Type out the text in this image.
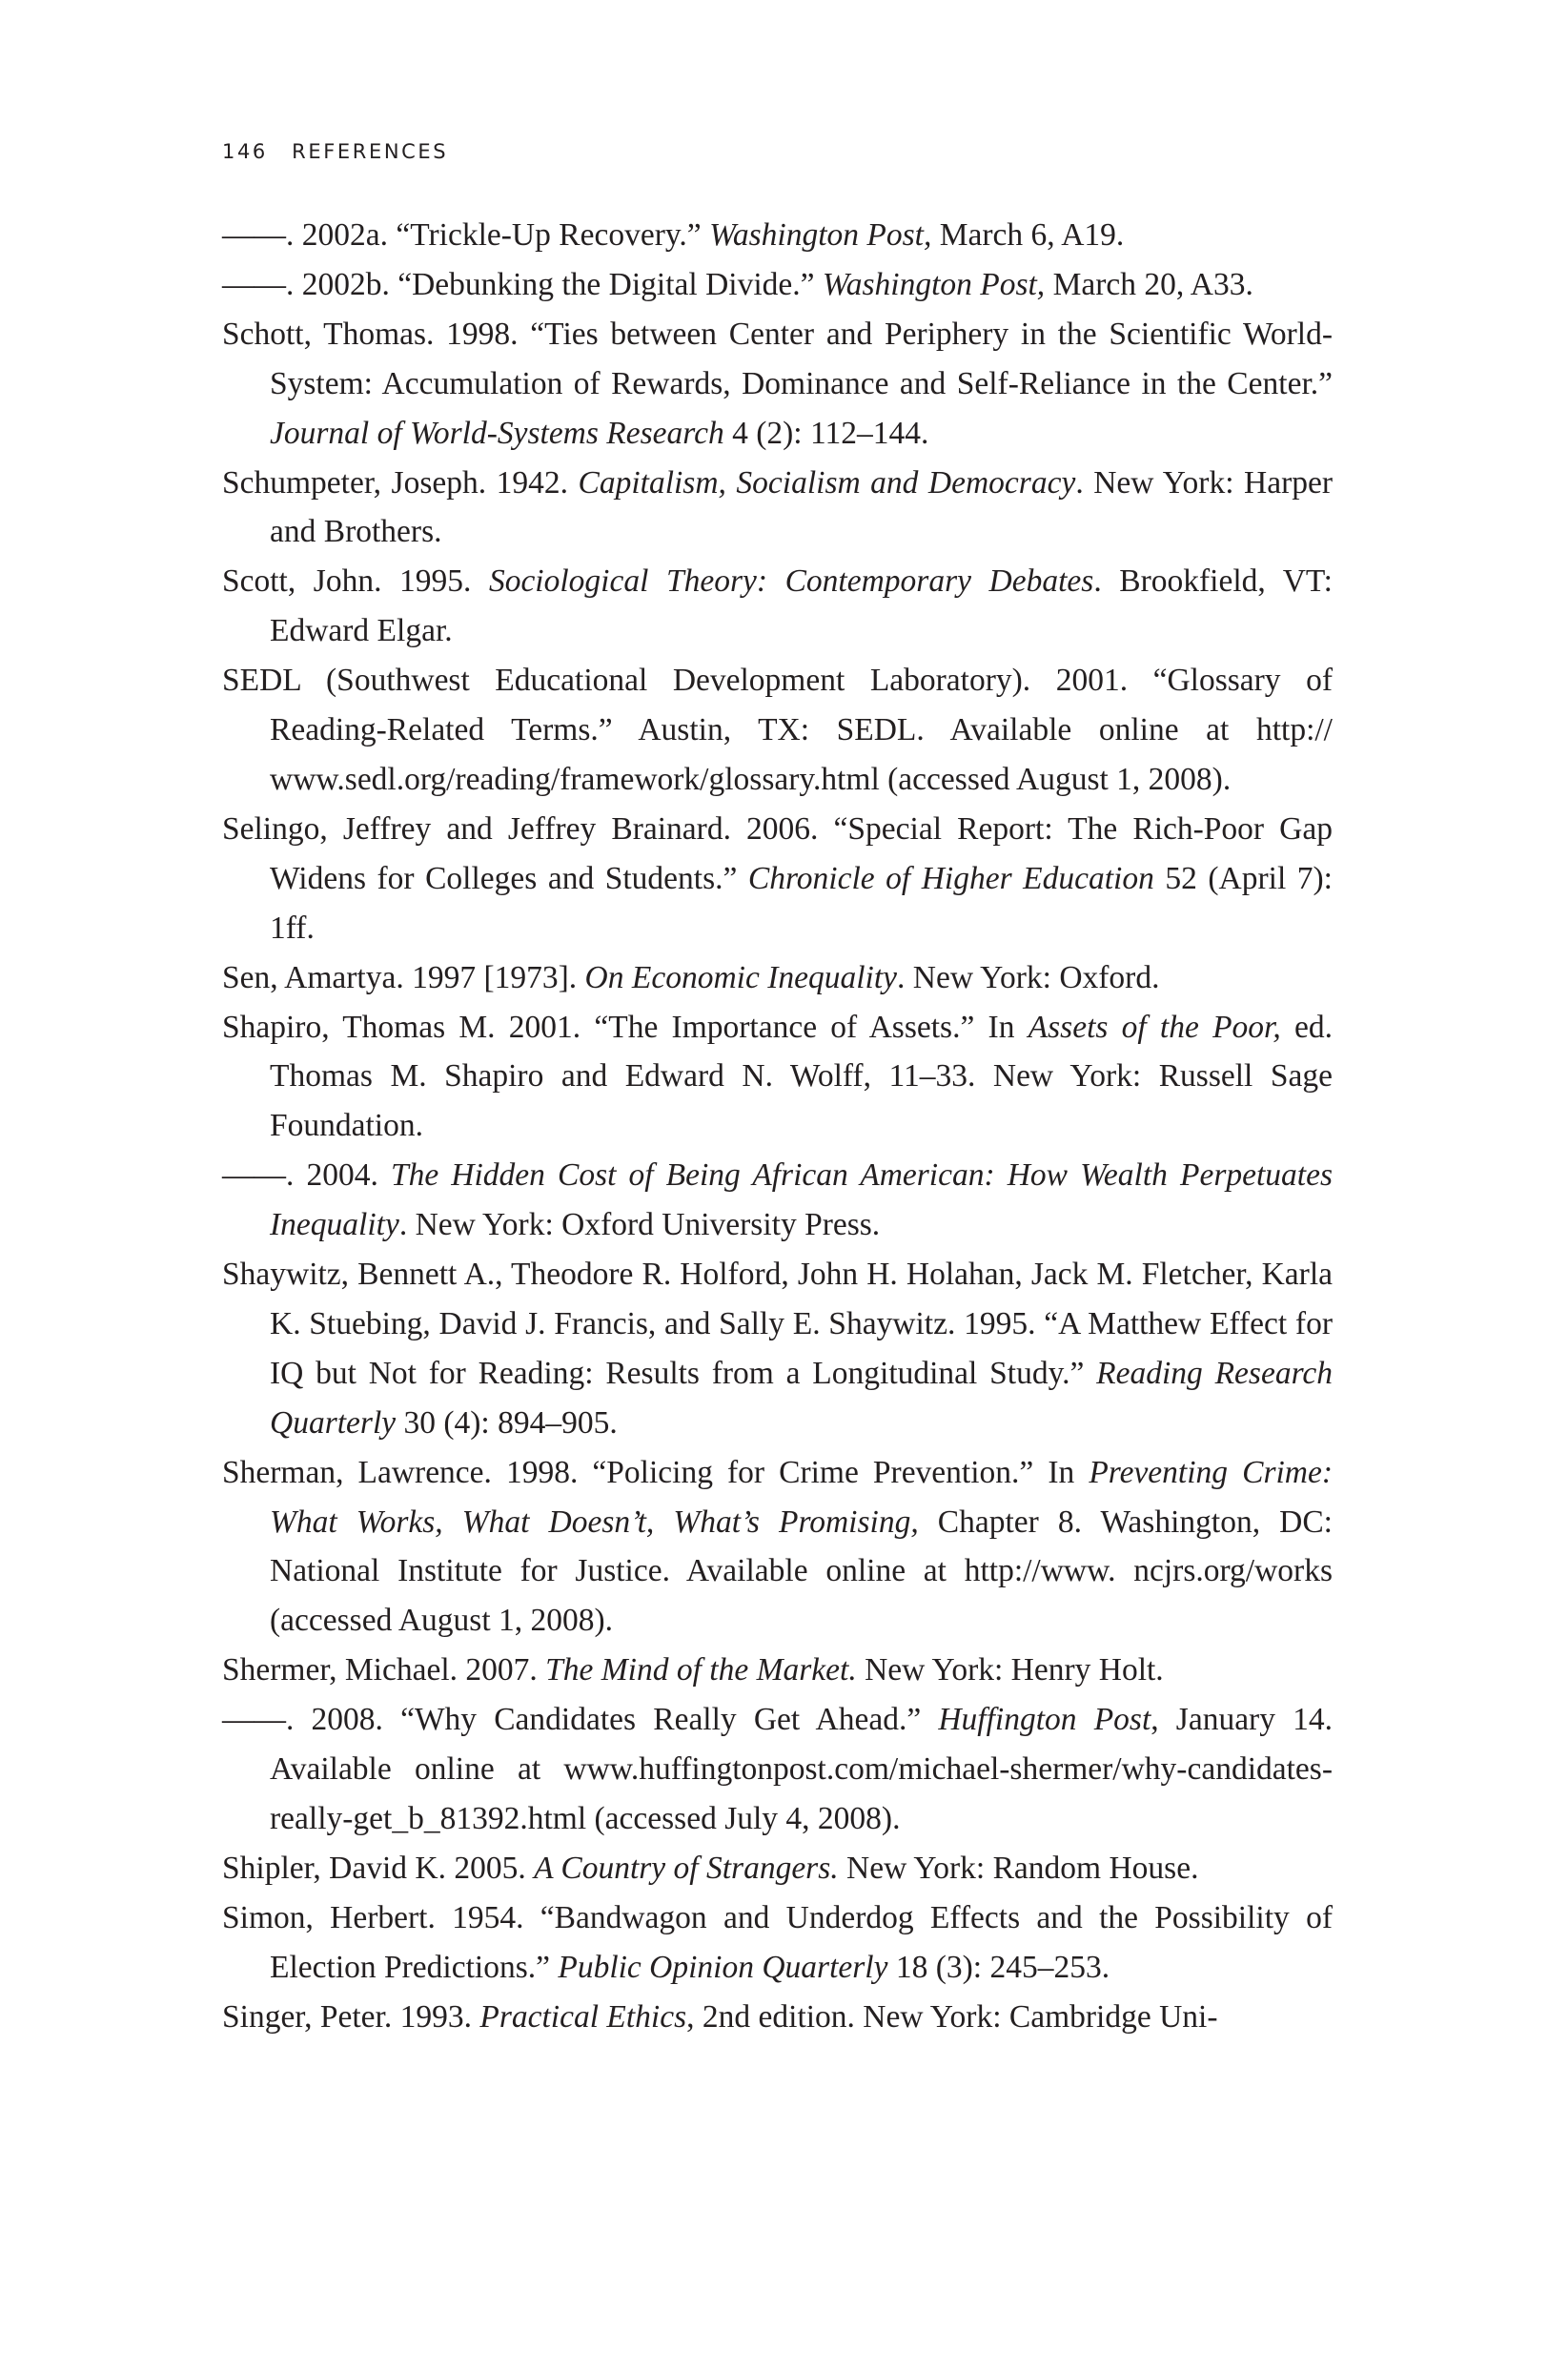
146 REFERENCES

——. 2002a. “Trickle-Up Recovery.” Washington Post, March 6, A19.

——. 2002b. “Debunking the Digital Divide.” Washington Post, March 20, A33.

Schott, Thomas. 1998. “Ties between Center and Periphery in the Scientific World- System: Accumulation of Rewards, Dominance and Self-Reliance in the Center.” Journal of World-Systems Research 4 (2): 112–144.

Schumpeter, Joseph. 1942. Capitalism, Socialism and Democracy. New York: Harper and Brothers.

Scott, John. 1995. Sociological Theory: Contemporary Debates. Brookfield, VT: Edward Elgar.

SEDL (Southwest Educational Development Laboratory). 2001. “Glossary of Reading-Related Terms.” Austin, TX: SEDL. Available online at http:// www.sedl.org/reading/framework/glossary.html (accessed August 1, 2008).

Selingo, Jeffrey and Jeffrey Brainard. 2006. “Special Report: The Rich-Poor Gap Widens for Colleges and Students.” Chronicle of Higher Education 52 (April 7): 1ff.

Sen, Amartya. 1997 [1973]. On Economic Inequality. New York: Oxford.

Shapiro, Thomas M. 2001. “The Importance of Assets.” In Assets of the Poor, ed. Thomas M. Shapiro and Edward N. Wolff, 11–33. New York: Russell Sage Foundation.

——. 2004. The Hidden Cost of Being African American: How Wealth Perpetuates Inequality. New York: Oxford University Press.

Shaywitz, Bennett A., Theodore R. Holford, John H. Holahan, Jack M. Fletcher, Karla K. Stuebing, David J. Francis, and Sally E. Shaywitz. 1995. “A Matthew Effect for IQ but Not for Reading: Results from a Longitudinal Study.” Reading Research Quarterly 30 (4): 894–905.

Sherman, Lawrence. 1998. “Policing for Crime Prevention.” In Preventing Crime: What Works, What Doesn’t, What’s Promising, Chapter 8. Washington, DC: National Institute for Justice. Available online at http://www. ncjrs.org/works (accessed August 1, 2008).

Shermer, Michael. 2007. The Mind of the Market. New York: Henry Holt.

——. 2008. “Why Candidates Really Get Ahead.” Huffington Post, January 14. Available online at www.huffingtonpost.com/michael-shermer/why-candidates- really-get_b_81392.html (accessed July 4, 2008).

Shipler, David K. 2005. A Country of Strangers. New York: Random House.

Simon, Herbert. 1954. “Bandwagon and Underdog Effects and the Possibility of Election Predictions.” Public Opinion Quarterly 18 (3): 245–253.

Singer, Peter. 1993. Practical Ethics, 2nd edition. New York: Cambridge Uni-
